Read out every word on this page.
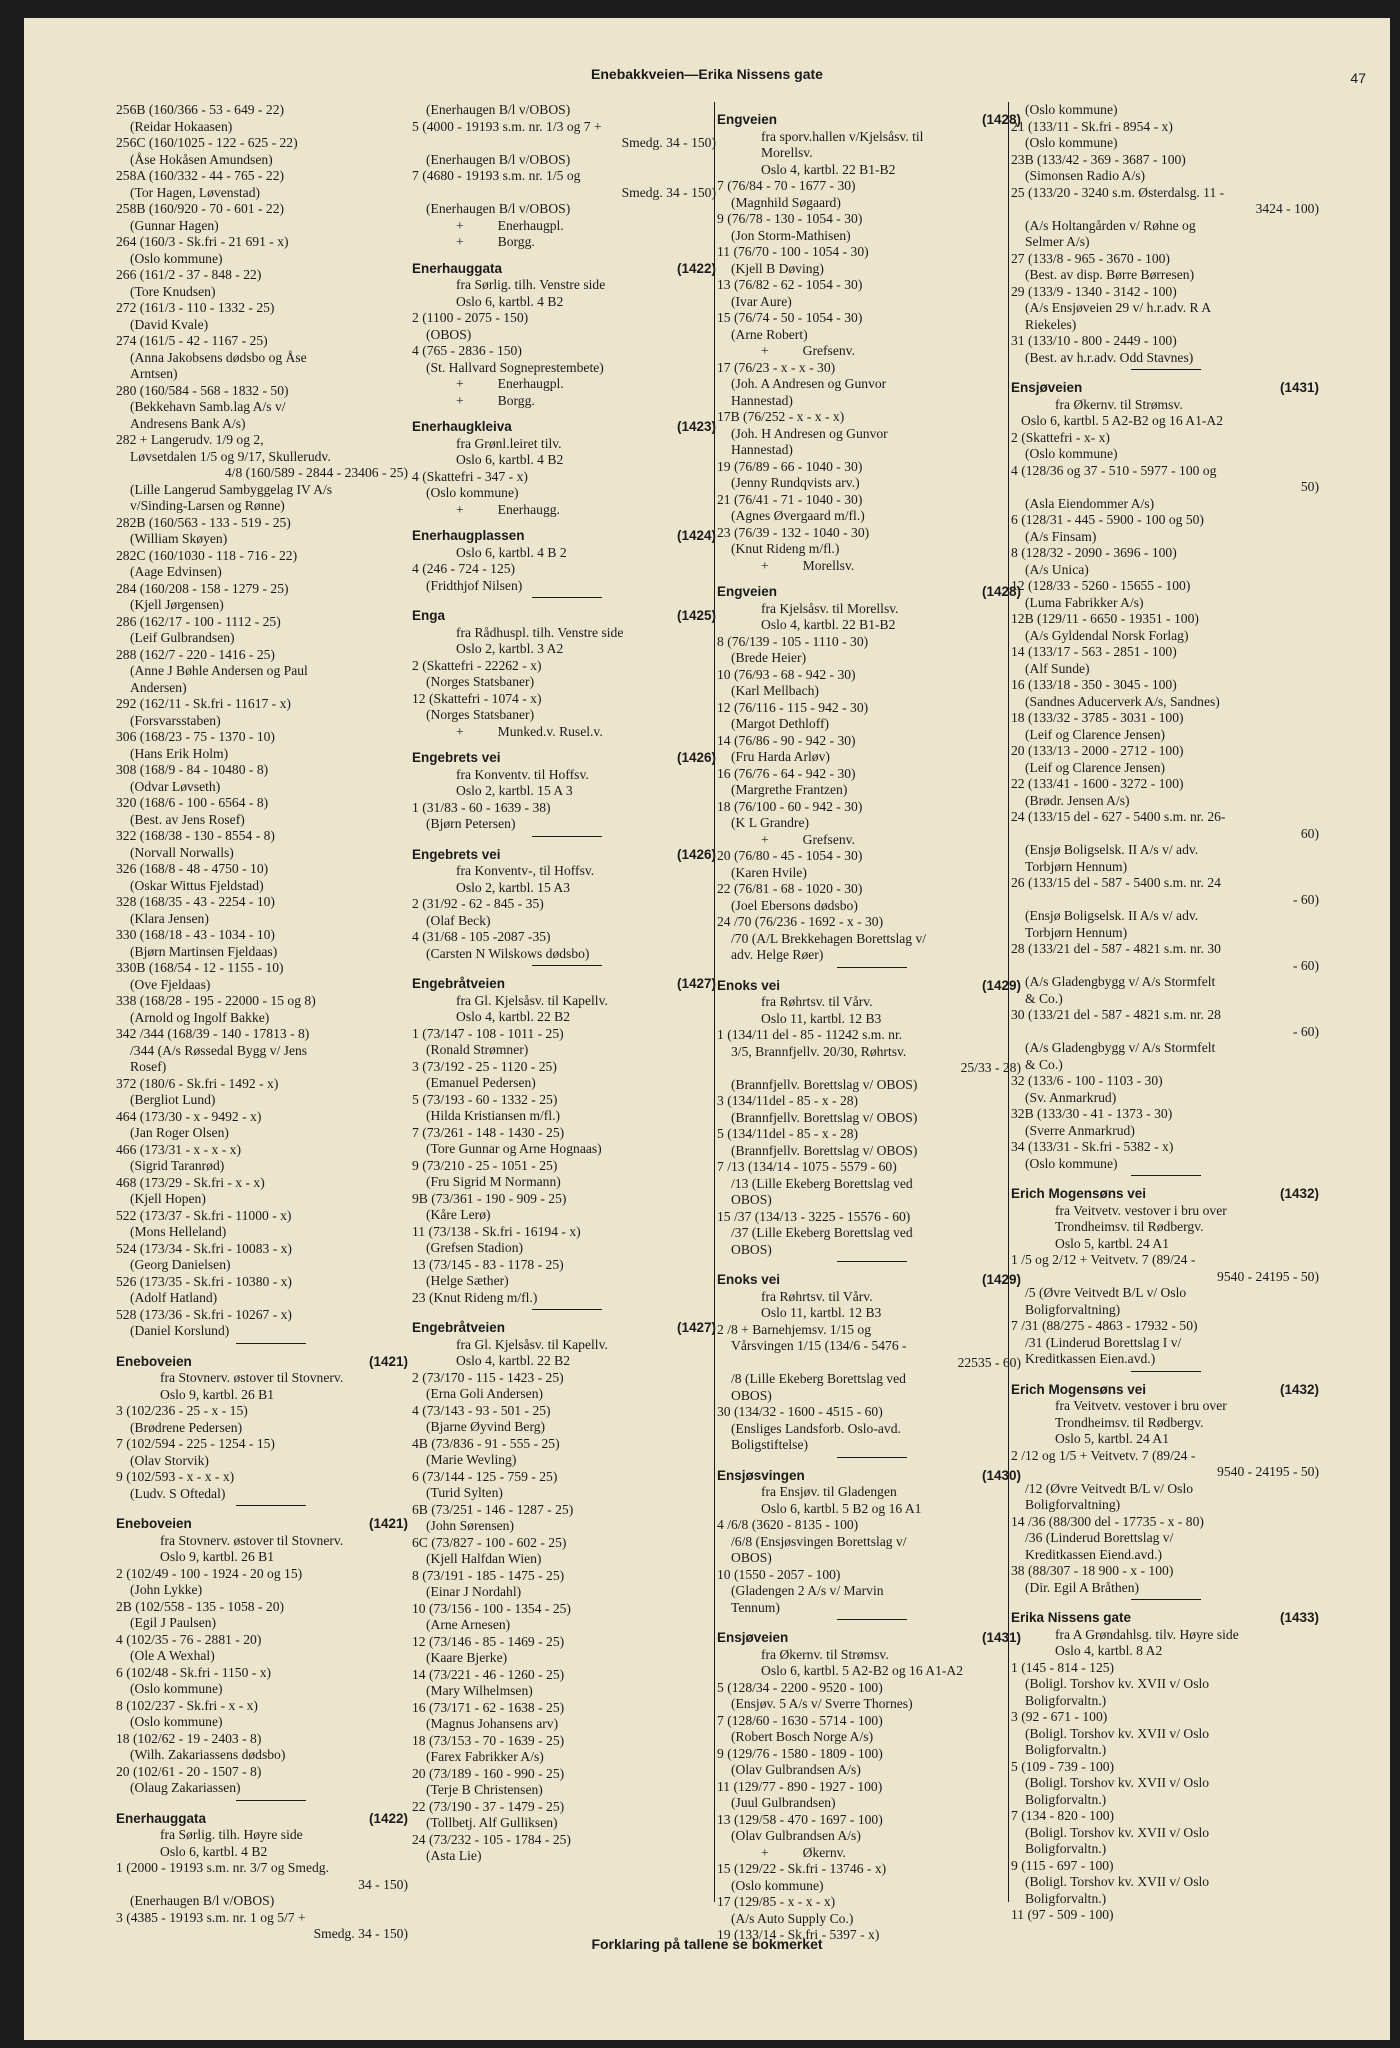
Enebakkveien—Erika Nissens gate	47
256B (160/366 - 53 - 649 - 22)
(Reidar Hokaasen)
256C (160/1025 - 122 - 625 - 22)
(Åse Hokåsen Amundsen)
258A (160/332 - 44 - 765 - 22)
(Tor Hagen, Løvenstad)
258B (160/920 - 70 - 601 - 22)
(Gunnar Hagen)
264 (160/3 - Sk.fri - 21 691 - x)
(Oslo kommune)
266 (161/2 - 37 - 848 - 22)
(Tore Knudsen)
272 (161/3 - 110 - 1332 - 25)
(David Kvale)
274 (161/5 - 42 - 1167 - 25)
(Anna Jakobsens dødsbo og Åse
Arntsen)
280 (160/584 - 568 - 1832 - 50)
(Bekkehavn Samb.lag A/s v/
Andresens Bank A/s)
282 + Langerudv. 1/9 og 2,
Løvsetdalen 1/5 og 9/17, Skullerudv.
4/8 (160/589 - 2844 - 23406 - 25)
(Lille Langerud Sambyggelag IV A/s
v/Sinding-Larsen og Rønne)
282B (160/563 - 133 - 519 - 25)
(William Skøyen)
282C (160/1030 - 118 - 716 - 22)
(Aage Edvinsen)
284 (160/208 - 158 - 1279 - 25)
(Kjell Jørgensen)
286 (162/17 - 100 - 1112 - 25)
(Leif Gulbrandsen)
288 (162/7 - 220 - 1416 - 25)
(Anne J Bøhle Andersen og Paul
Andersen)
292 (162/11 - Sk.fri - 11617 - x)
(Forsvarsstaben)
306 (168/23 - 75 - 1370 - 10)
(Hans Erik Holm)
308 (168/9 - 84 - 10480 - 8)
(Odvar Løvseth)
320 (168/6 - 100 - 6564 - 8)
(Best. av Jens Rosef)
322 (168/38 - 130 - 8554 - 8)
(Norvall Norwalls)
326 (168/8 - 48 - 4750 - 10)
(Oskar Wittus Fjeldstad)
328 (168/35 - 43 - 2254 - 10)
(Klara Jensen)
330 (168/18 - 43 - 1034 - 10)
(Bjørn Martinsen Fjeldaas)
330B (168/54 - 12 - 1155 - 10)
(Ove Fjeldaas)
338 (168/28 - 195 - 22000 - 15 og 8)
(Arnold og Ingolf Bakke)
342 /344 (168/39 - 140 - 17813 - 8)
/344 (A/s Røssedal Bygg v/ Jens
Rosef)
372 (180/6 - Sk.fri - 1492 - x)
(Bergliot Lund)
464 (173/30 - x - 9492 - x)
(Jan Roger Olsen)
466 (173/31 - x - x - x)
(Sigrid Taranrød)
468 (173/29 - Sk.fri - x - x)
(Kjell Hopen)
522 (173/37 - Sk.fri - 11000 - x)
(Mons Helleland)
524 (173/34 - Sk.fri - 10083 - x)
(Georg Danielsen)
526 (173/35 - Sk.fri - 10380 - x)
(Adolf Hatland)
528 (173/36 - Sk.fri - 10267 - x)
(Daniel Korslund)
Eneboveien	(1421)
fra Stovnerv. østover til Stovnerv.
Oslo 9, kartbl. 26 B1
3 (102/236 - 25 - x - 15)
(Brødrene Pedersen)
7 (102/594 - 225 - 1254 - 15)
(Olav Storvik)
9 (102/593 - x - x - x)
(Ludv. S Oftedal)
Eneboveien	(1421)
fra Stovnerv. østover til Stovnerv.
Oslo 9, kartbl. 26 B1
2 (102/49 - 100 - 1924 - 20 og 15)
(John Lykke)
2B (102/558 - 135 - 1058 - 20)
(Egil J Paulsen)
4 (102/35 - 76 - 2881 - 20)
(Ole A Wexhal)
6 (102/48 - Sk.fri - 1150 - x)
(Oslo kommune)
8 (102/237 - Sk.fri - x - x)
(Oslo kommune)
18 (102/62 - 19 - 2403 - 8)
(Wilh. Zakariassens dødsbo)
20 (102/61 - 20 - 1507 - 8)
(Olaug Zakariassen)
Enerhauggata	(1422)
fra Sørlig. tilh. Høyre side
Oslo 6, kartbl. 4 B2
1 (2000 - 19193 s.m. nr. 3/7 og Smedg.
34 - 150)
(Enerhaugen B/l v/OBOS)
3 (4385 - 19193 s.m. nr. 1 og 5/7 +
Smedg. 34 - 150)
(Enerhaugen B/l v/OBOS)
5 (4000 - 19193 s.m. nr. 1/3 og 7 +
Smedg. 34 - 150)
(Enerhaugen B/l v/OBOS)
7 (4680 - 19193 s.m. nr. 1/5 og
Smedg. 34 - 150)
(Enerhaugen B/l v/OBOS)
+          Enerhaugpl.
+          Borgg.
Enerhauggata	(1422)
fra Sørlig. tilh. Venstre side
Oslo 6, kartbl. 4 B2
2 (1100 - 2075 - 150)
(OBOS)
4 (765 - 2836 - 150)
(St. Hallvard Sogneprestembete)
+          Enerhaugpl.
+          Borgg.
Enerhaugkleiva	(1423)
fra Grønl.leiret tilv.
Oslo 6, kartbl. 4 B2
4 (Skattefri - 347 - x)
(Oslo kommune)
+          Enerhaugg.
Enerhaugplassen	(1424)
Oslo 6, kartbl. 4 B 2
4 (246 - 724 - 125)
(Fridthjof Nilsen)
Enga	(1425)
fra Rådhuspl. tilh. Venstre side
Oslo 2, kartbl. 3 A2
2 (Skattefri - 22262 - x)
(Norges Statsbaner)
12 (Skattefri - 1074 - x)
(Norges Statsbaner)
+          Munked.v. Rusel.v.
Engebrets vei	(1426)
fra Konventv. til Hoffsv.
Oslo 2, kartbl. 15 A 3
1 (31/83 - 60 - 1639 - 38)
(Bjørn Petersen)
Engebrets vei	(1426)
fra Konventv-, til Hoffsv.
Oslo 2, kartbl. 15 A3
2 (31/92 - 62 - 845 - 35)
(Olaf Beck)
4 (31/68 - 105 -2087 -35)
(Carsten N Wilskows dødsbo)
Engebråtveien	(1427)
fra Gl. Kjelsåsv. til Kapellv.
Oslo 4, kartbl. 22 B2
1 (73/147 - 108 - 1011 - 25)
(Ronald Strømner)
3 (73/192 - 25 - 1120 - 25)
(Emanuel Pedersen)
5 (73/193 - 60 - 1332 - 25)
(Hilda Kristiansen m/fl.)
7 (73/261 - 148 - 1430 - 25)
(Tore Gunnar og Arne Hognaas)
9 (73/210 - 25 - 1051 - 25)
(Fru Sigrid M Normann)
9B (73/361 - 190 - 909 - 25)
(Kåre Lerø)
11 (73/138 - Sk.fri - 16194 - x)
(Grefsen Stadion)
13 (73/145 - 83 - 1178 - 25)
(Helge Sæther)
23 (Knut Rideng m/fl.)
Engebråtveien	(1427)
fra Gl. Kjelsåsv. til Kapellv.
Oslo 4, kartbl. 22 B2
2 (73/170 - 115 - 1423 - 25)
(Erna Goli Andersen)
4 (73/143 - 93 - 501 - 25)
(Bjarne Øyvind Berg)
4B (73/836 - 91 - 555 - 25)
(Marie Wevling)
6 (73/144 - 125 - 759 - 25)
(Turid Sylten)
6B (73/251 - 146 - 1287 - 25)
(John Sørensen)
6C (73/827 - 100 - 602 - 25)
(Kjell Halfdan Wien)
8 (73/191 - 185 - 1475 - 25)
(Einar J Nordahl)
10 (73/156 - 100 - 1354 - 25)
(Arne Arnesen)
12 (73/146 - 85 - 1469 - 25)
(Kaare Bjerke)
14 (73/221 - 46 - 1260 - 25)
(Mary Wilhelmsen)
16 (73/171 - 62 - 1638 - 25)
(Magnus Johansens arv)
18 (73/153 - 70 - 1639 - 25)
(Farex Fabrikker A/s)
20 (73/189 - 160 - 990 - 25)
(Terje B Christensen)
22 (73/190 - 37 - 1479 - 25)
(Tollbetj. Alf Gulliksen)
24 (73/232 - 105 - 1784 - 25)
(Asta Lie)
Engveien	(1428)
fra sporv.hallen v/Kjelsåsv. til
Morellsv.
Oslo 4, kartbl. 22 B1-B2
7 (76/84 - 70 - 1677 - 30)
(Magnhild Søgaard)
9 (76/78 - 130 - 1054 - 30)
(Jon Storm-Mathisen)
11 (76/70 - 100 - 1054 - 30)
(Kjell B Døving)
13 (76/82 - 62 - 1054 - 30)
(Ivar Aure)
15 (76/74 - 50 - 1054 - 30)
(Arne Robert)
+          Grefsenv.
17 (76/23 - x - x - 30)
(Joh. A Andresen og Gunvor
Hannestad)
17B (76/252 - x - x - x)
(Joh. H Andresen og Gunvor
Hannestad)
19 (76/89 - 66 - 1040 - 30)
(Jenny Rundqvists arv.)
21 (76/41 - 71 - 1040 - 30)
(Agnes Øvergaard m/fl.)
23 (76/39 - 132 - 1040 - 30)
(Knut Rideng m/fl.)
+          Morellsv.
Engveien	(1428)
fra Kjelsåsv. til Morellsv.
Oslo 4, kartbl. 22 B1-B2
8 (76/139 - 105 - 1110 - 30)
(Brede Heier)
10 (76/93 - 68 - 942 - 30)
(Karl Mellbach)
12 (76/116 - 115 - 942 - 30)
(Margot Dethloff)
14 (76/86 - 90 - 942 - 30)
(Fru Harda Arløv)
16 (76/76 - 64 - 942 - 30)
(Margrethe Frantzen)
18 (76/100 - 60 - 942 - 30)
(K L Grandre)
+          Grefsenv.
20 (76/80 - 45 - 1054 - 30)
(Karen Hvile)
22 (76/81 - 68 - 1020 - 30)
(Joel Ebersons dødsbo)
24 /70 (76/236 - 1692 - x - 30)
/70 (A/L Brekkehagen Borettslag v/
adv. Helge Røer)
Enoks vei	(1429)
fra Røhrtsv. til Vårv.
Oslo 11, kartbl. 12 B3
1 (134/11 del - 85 - 11242 s.m. nr.
3/5, Brannfjellv. 20/30, Røhrtsv.
25/33 - 28)
(Brannfjellv. Borettslag v/ OBOS)
3 (134/11del - 85 - x - 28)
(Brannfjellv. Borettslag v/ OBOS)
5 (134/11del - 85 - x - 28)
(Brannfjellv. Borettslag v/ OBOS)
7 /13 (134/14 - 1075 - 5579 - 60)
/13 (Lille Ekeberg Borettslag ved
OBOS)
15 /37 (134/13 - 3225 - 15576 - 60)
/37 (Lille Ekeberg Borettslag ved
OBOS)
Enoks vei	(1429)
fra Røhrtsv. til Vårv.
Oslo 11, kartbl. 12 B3
2 /8 + Barnehjemsv. 1/15 og
Vårsvingen 1/15 (134/6 - 5476 -
22535 - 60)
/8 (Lille Ekeberg Borettslag ved
OBOS)
30 (134/32 - 1600 - 4515 - 60)
(Ensliges Landsforb. Oslo-avd.
Boligstiftelse)
Ensjøsvingen	(1430)
fra Ensjøv. til Gladengen
Oslo 6, kartbl. 5 B2 og 16 A1
4 /6/8 (3620 - 8135 - 100)
/6/8 (Ensjøsvingen Borettslag v/
OBOS)
10 (1550 - 2057 - 100)
(Gladengen 2 A/s v/ Marvin
Tennum)
Ensjøveien	(1431)
fra Økernv. til Strømsv.
Oslo 6, kartbl. 5 A2-B2 og 16 A1-A2
5 (128/34 - 2200 - 9520 - 100)
(Ensjøv. 5 A/s v/ Sverre Thornes)
7 (128/60 - 1630 - 5714 - 100)
(Robert Bosch Norge A/s)
9 (129/76 - 1580 - 1809 - 100)
(Olav Gulbrandsen A/s)
11 (129/77 - 890 - 1927 - 100)
(Juul Gulbrandsen)
13 (129/58 - 470 - 1697 - 100)
(Olav Gulbrandsen A/s)
+          Økernv.
15 (129/22 - Sk.fri - 13746 - x)
(Oslo kommune)
17 (129/85 - x - x - x)
(A/s Auto Supply Co.)
19 (133/14 - Sk.fri - 5397 - x)
(Oslo kommune)
21 (133/11 - Sk.fri - 8954 - x)
(Oslo kommune)
23B (133/42 - 369 - 3687 - 100)
(Simonsen Radio A/s)
25 (133/20 - 3240 s.m. Østerdalsg. 11 -
3424 - 100)
(A/s Holtangården v/ Røhne og
Selmer A/s)
27 (133/8 - 965 - 3670 - 100)
(Best. av disp. Børre Børresen)
29 (133/9 - 1340 - 3142 - 100)
(A/s Ensjøveien 29 v/ h.r.adv. R A
Riekeles)
31 (133/10 - 800 - 2449 - 100)
(Best. av h.r.adv. Odd Stavnes)
Ensjøveien	(1431)
fra Økernv. til Strømsv.
Oslo 6, kartbl. 5 A2-B2 og 16 A1-A2
2 (Skattefri - x- x)
(Oslo kommune)
4 (128/36 og 37 - 510 - 5977 - 100 og
50)
(Asla Eiendommer A/s)
6 (128/31 - 445 - 5900 - 100 og 50)
(A/s Finsam)
8 (128/32 - 2090 - 3696 - 100)
(A/s Unica)
12 (128/33 - 5260 - 15655 - 100)
(Luma Fabrikker A/s)
12B (129/11 - 6650 - 19351 - 100)
(A/s Gyldendal Norsk Forlag)
14 (133/17 - 563 - 2851 - 100)
(Alf Sunde)
16 (133/18 - 350 - 3045 - 100)
(Sandnes Aducerverk A/s, Sandnes)
18 (133/32 - 3785 - 3031 - 100)
(Leif og Clarence Jensen)
20 (133/13 - 2000 - 2712 - 100)
(Leif og Clarence Jensen)
22 (133/41 - 1600 - 3272 - 100)
(Brødr. Jensen A/s)
24 (133/15 del - 627 - 5400 s.m. nr. 26-
60)
(Ensjø Boligselsk. II A/s v/ adv.
Torbjørn Hennum)
26 (133/15 del - 587 - 5400 s.m. nr. 24
- 60)
(Ensjø Boligselsk. II A/s v/ adv.
Torbjørn Hennum)
28 (133/21 del - 587 - 4821 s.m. nr. 30
- 60)
(A/s Gladengbygg v/ A/s Stormfelt
& Co.)
30 (133/21 del - 587 - 4821 s.m. nr. 28
- 60)
(A/s Gladengbygg v/ A/s Stormfelt
& Co.)
32 (133/6 - 100 - 1103 - 30)
(Sv. Anmarkrud)
32B (133/30 - 41 - 1373 - 30)
(Sverre Anmarkrud)
34 (133/31 - Sk.fri - 5382 - x)
(Oslo kommune)
Erich Mogensøns vei	(1432)
fra Veitvetv. vestover i bru over
Trondheimsv. til Rødbergv.
Oslo 5, kartbl. 24 A1
1 /5 og 2/12 + Veitvetv. 7 (89/24 -
9540 - 24195 - 50)
/5 (Øvre Veitvedt B/L v/ Oslo
Boligforvaltning)
7 /31 (88/275 - 4863 - 17932 - 50)
/31 (Linderud Borettslag I v/
Kreditkassen Eien.avd.)
Erich Mogensøns vei	(1432)
fra Veitvetv. vestover i bru over
Trondheimsv. til Rødbergv.
Oslo 5, kartbl. 24 A1
2 /12 og 1/5 + Veitvetv. 7 (89/24 -
9540 - 24195 - 50)
/12 (Øvre Veitvedt B/L v/ Oslo
Boligforvaltning)
14 /36 (88/300 del - 17735 - x - 80)
/36 (Linderud Borettslag v/
Kreditkassen Eiend.avd.)
38 (88/307 - 18 900 - x - 100)
(Dir. Egil A Bråthen)
Erika Nissens gate	(1433)
fra A Grøndahlsg. tilv. Høyre side
Oslo 4, kartbl. 8 A2
1 (145 - 814 - 125)
(Boligl. Torshov kv. XVII v/ Oslo
Boligforvaltn.)
3 (92 - 671 - 100)
(Boligl. Torshov kv. XVII v/ Oslo
Boligforvaltn.)
5 (109 - 739 - 100)
(Boligl. Torshov kv. XVII v/ Oslo
Boligforvaltn.)
7 (134 - 820 - 100)
(Boligl. Torshov kv. XVII v/ Oslo
Boligforvaltn.)
9 (115 - 697 - 100)
(Boligl. Torshov kv. XVII v/ Oslo
Boligforvaltn.)
11 (97 - 509 - 100)
Forklaring på tallene se bokmerket
